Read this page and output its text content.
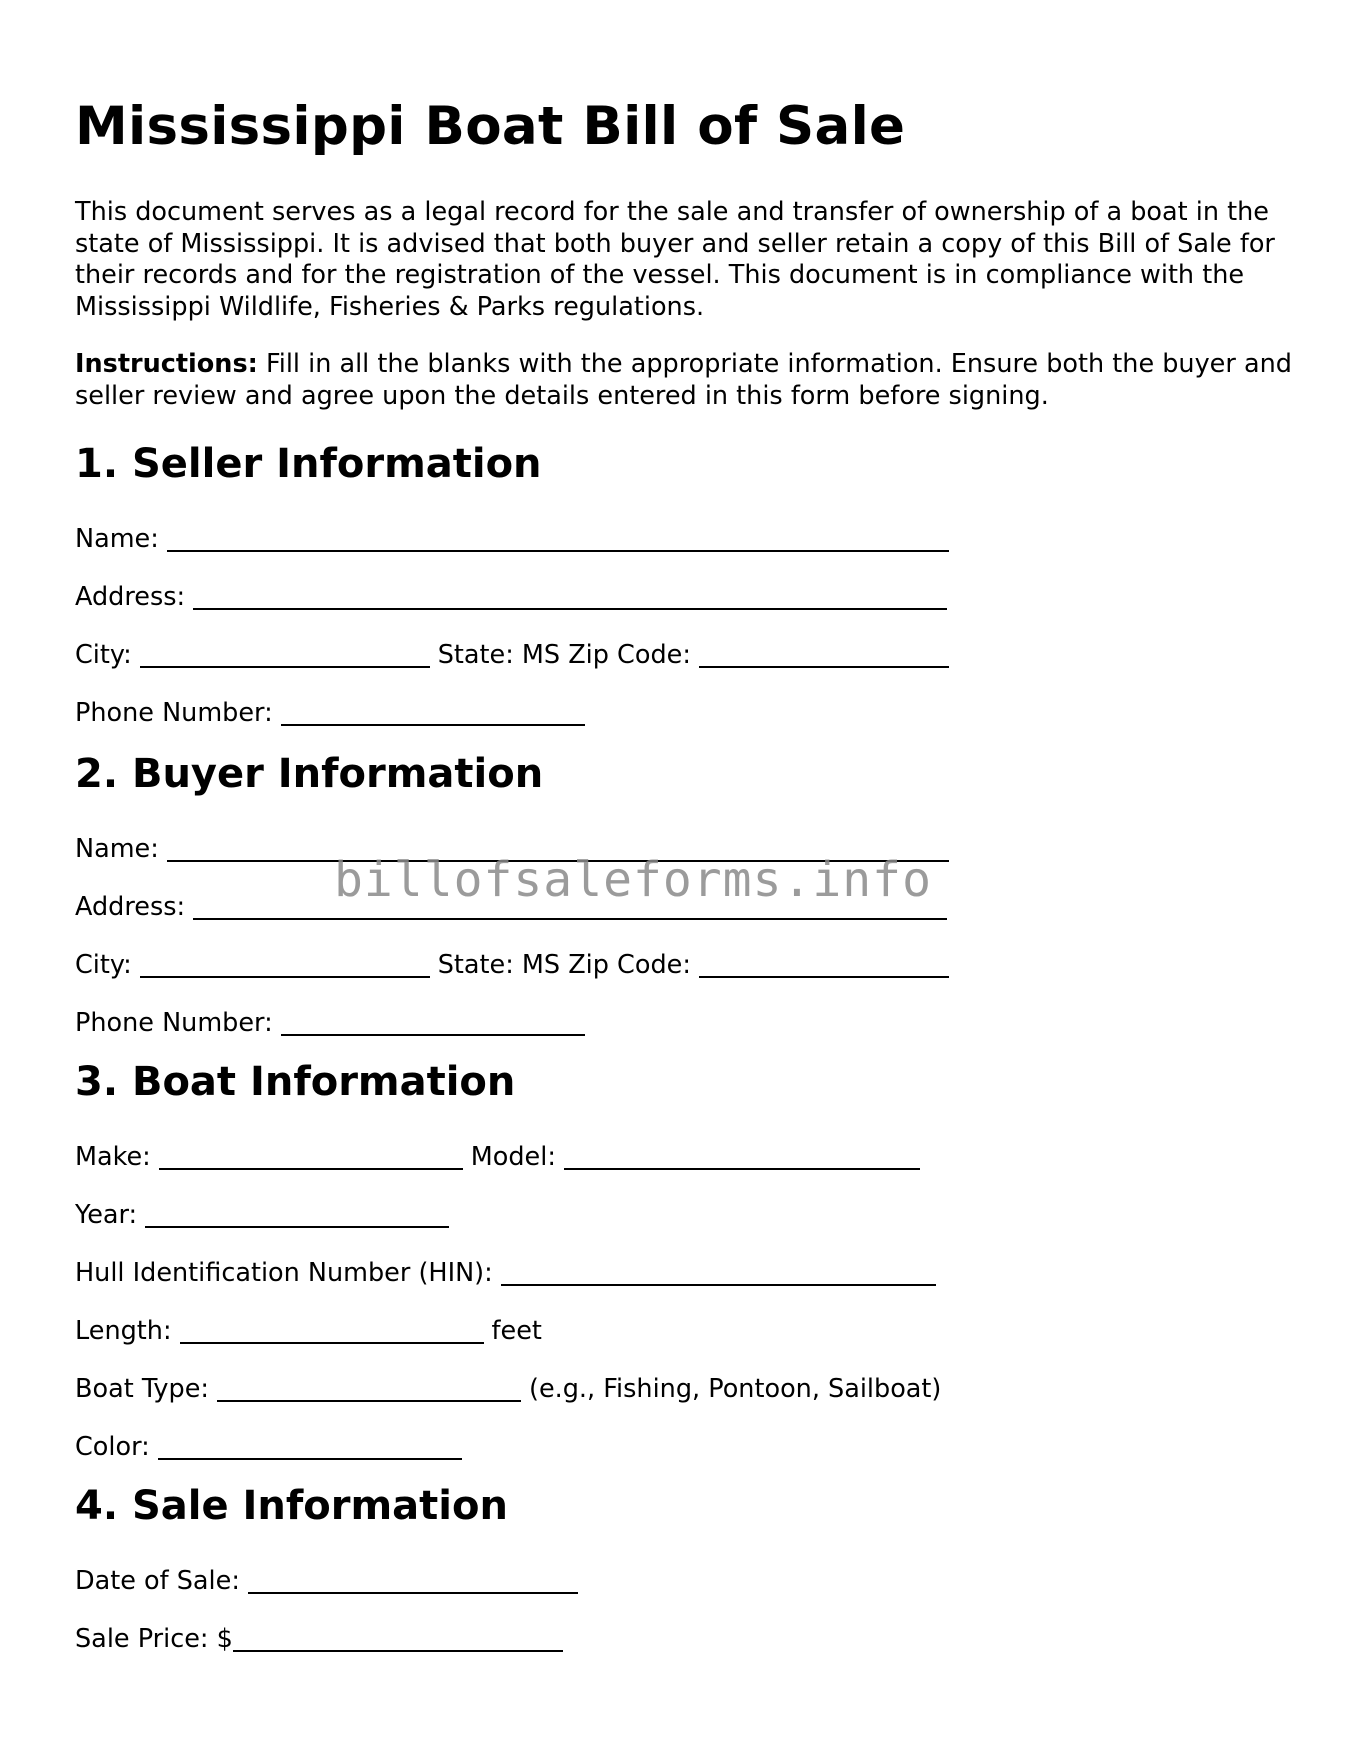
Mississippi Boat Bill of Sale

This document serves as a legal record for the sale and transfer of ownership of a boat in the state of Mississippi. It is advised that both buyer and seller retain a copy of this Bill of Sale for their records and for the registration of the vessel. This document is in compliance with the Mississippi Wildlife, Fisheries & Parks regulations.

Instructions: Fill in all the blanks with the appropriate information. Ensure both the buyer and seller review and agree upon the details entered in this form before signing.

1. Seller Information
Name:
Address:
City:	State: MS Zip Code:
Phone Number:
2. Buyer Information
Name:
Address:
City:	State: MS Zip Code:
Phone Number:
3. Boat Information
Make:	Model:
Year:
Hull Identification Number (HIN):
Length:	feet
Boat Type:	(e.g., Fishing, Pontoon, Sailboat)
Color:
4. Sale Information
Date of Sale:
Sale Price: $
billofsaleforms.info
